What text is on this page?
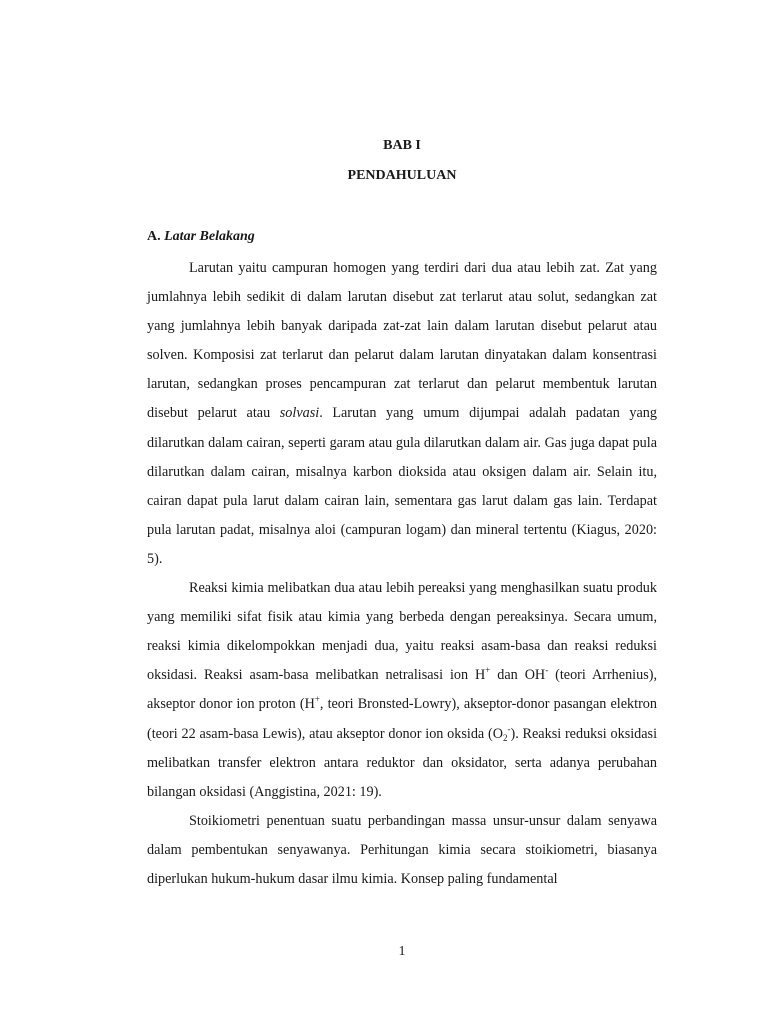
BAB I

PENDAHULUAN

A. Latar Belakang

Larutan yaitu campuran homogen yang terdiri dari dua atau lebih zat. Zat yang jumlahnya lebih sedikit di dalam larutan disebut zat terlarut atau solut, sedangkan zat yang jumlahnya lebih banyak daripada zat-zat lain dalam larutan disebut pelarut atau solven. Komposisi zat terlarut dan pelarut dalam larutan dinyatakan dalam konsentrasi larutan, sedangkan proses pencampuran zat terlarut dan pelarut membentuk larutan disebut pelarut atau solvasi. Larutan yang umum dijumpai adalah padatan yang dilarutkan dalam cairan, seperti garam atau gula dilarutkan dalam air. Gas juga dapat pula dilarutkan dalam cairan, misalnya karbon dioksida atau oksigen dalam air. Selain itu, cairan dapat pula larut dalam cairan lain, sementara gas larut dalam gas lain. Terdapat pula larutan padat, misalnya aloi (campuran logam) dan mineral tertentu (Kiagus, 2020: 5).

Reaksi kimia melibatkan dua atau lebih pereaksi yang menghasilkan suatu produk yang memiliki sifat fisik atau kimia yang berbeda dengan pereaksinya. Secara umum, reaksi kimia dikelompokkan menjadi dua, yaitu reaksi asam-basa dan reaksi reduksi oksidasi. Reaksi asam-basa melibatkan netralisasi ion H+ dan OH- (teori Arrhenius), akseptor donor ion proton (H+, teori Bronsted-Lowry), akseptor-donor pasangan elektron (teori 22 asam-basa Lewis), atau akseptor donor ion oksida $(O_2^-)$. Reaksi reduksi oksidasi melibatkan transfer elektron antara reduktor dan oksidator, serta adanya perubahan bilangan oksidasi (Anggistina, 2021: 19).

Stoikiometri penentuan suatu perbandingan massa unsur-unsur dalam senyawa dalam pembentukan senyawanya. Perhitungan kimia secara stoikiometri, biasanya diperlukan hukum-hukum dasar ilmu kimia. Konsep paling fundamental

1
